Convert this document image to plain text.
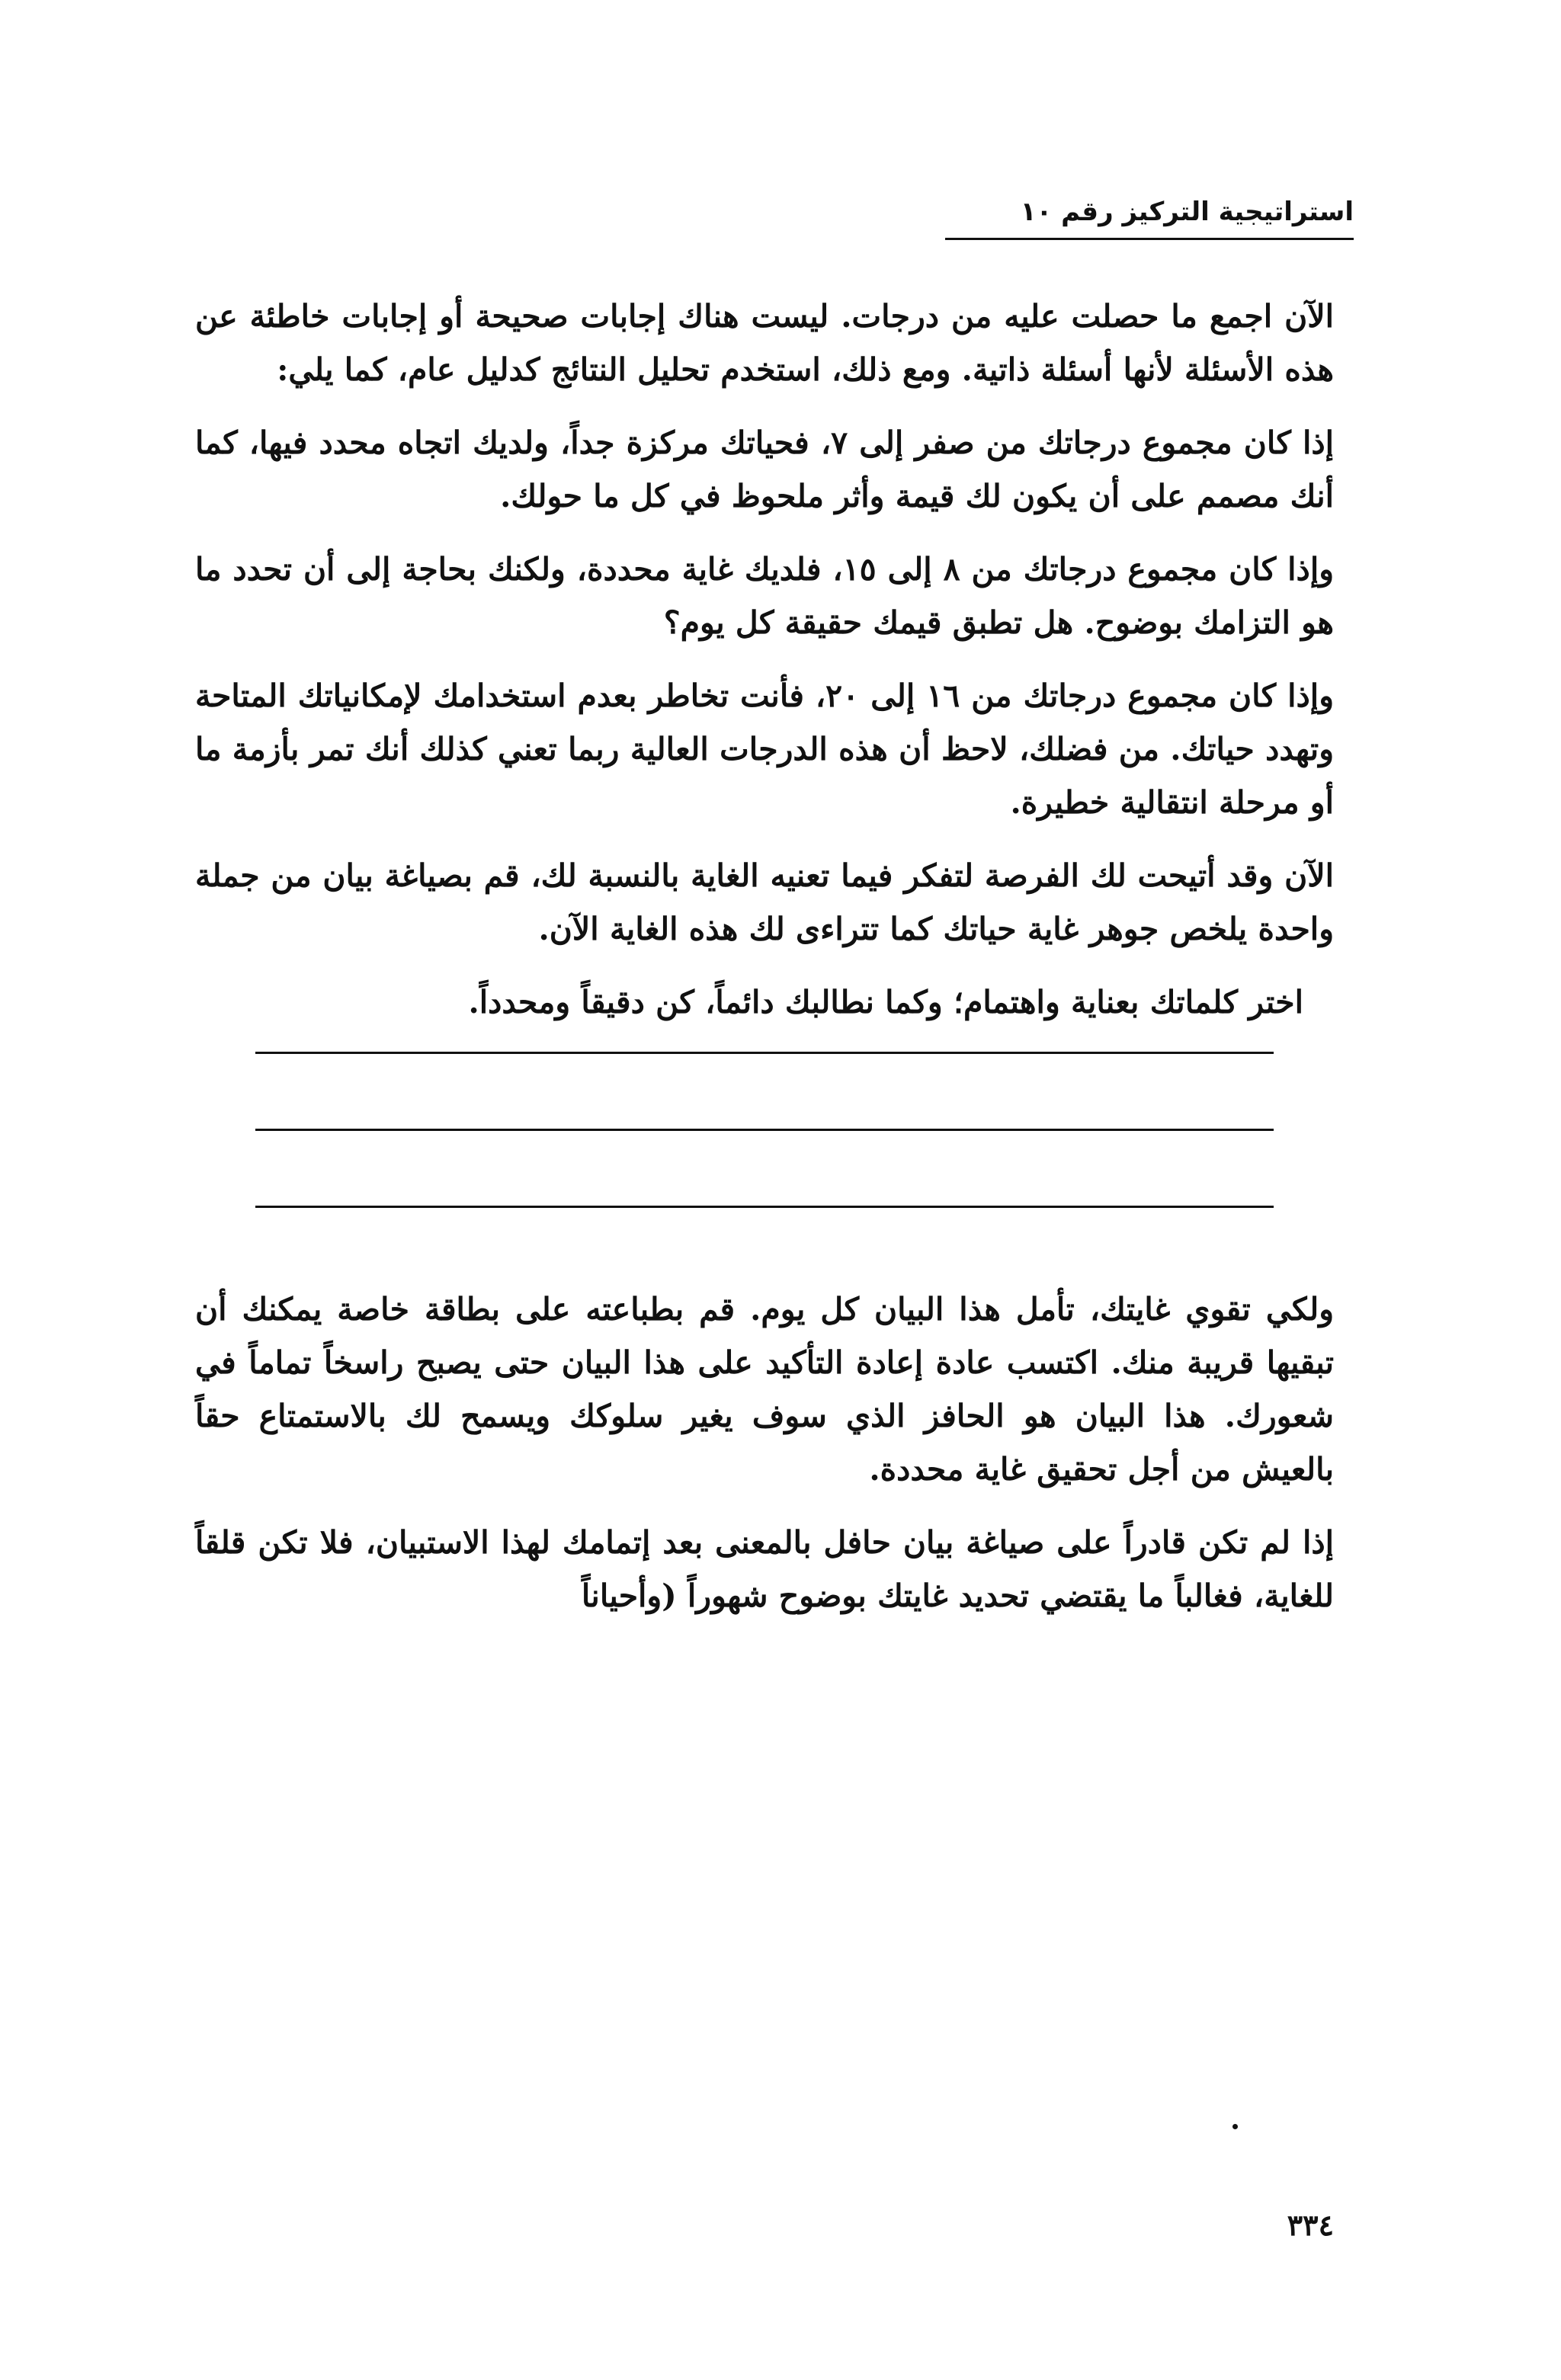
استراتيجية التركيز رقم ١٠

الآن اجمع ما حصلت عليه من درجات. ليست هناك إجابات صحيحة أو إجابات خاطئة عن هذه الأسئلة لأنها أسئلة ذاتية. ومع ذلك، استخدم تحليل النتائج كدليل عام، كما يلي:

إذا كان مجموع درجاتك من صفر إلى ٧، فحياتك مركزة جداً، ولديك اتجاه محدد فيها، كما أنك مصمم على أن يكون لك قيمة وأثر ملحوظ في كل ما حولك.

وإذا كان مجموع درجاتك من ٨ إلى ١٥، فلديك غاية محددة، ولكنك بحاجة إلى أن تحدد ما هو التزامك بوضوح. هل تطبق قيمك حقيقة كل يوم؟

وإذا كان مجموع درجاتك من ١٦ إلى ٢٠، فأنت تخاطر بعدم استخدامك لإمكانياتك المتاحة وتهدد حياتك. من فضلك، لاحظ أن هذه الدرجات العالية ربما تعني كذلك أنك تمر بأزمة ما أو مرحلة انتقالية خطيرة.

الآن وقد أتيحت لك الفرصة لتفكر فيما تعنيه الغاية بالنسبة لك، قم بصياغة بيان من جملة واحدة يلخص جوهر غاية حياتك كما تتراءى لك هذه الغاية الآن.

اختر كلماتك بعناية واهتمام؛ وكما نطالبك دائماً، كن دقيقاً ومحدداً.

ولكي تقوي غايتك، تأمل هذا البيان كل يوم. قم بطباعته على بطاقة خاصة يمكنك أن تبقيها قريبة منك. اكتسب عادة إعادة التأكيد على هذا البيان حتى يصبح راسخاً تماماً في شعورك. هذا البيان هو الحافز الذي سوف يغير سلوكك ويسمح لك بالاستمتاع حقاً بالعيش من أجل تحقيق غاية محددة.

إذا لم تكن قادراً على صياغة بيان حافل بالمعنى بعد إتمامك لهذا الاستبيان، فلا تكن قلقاً للغاية، فغالباً ما يقتضي تحديد غايتك بوضوح شهوراً (وأحياناً

٣٣٤
